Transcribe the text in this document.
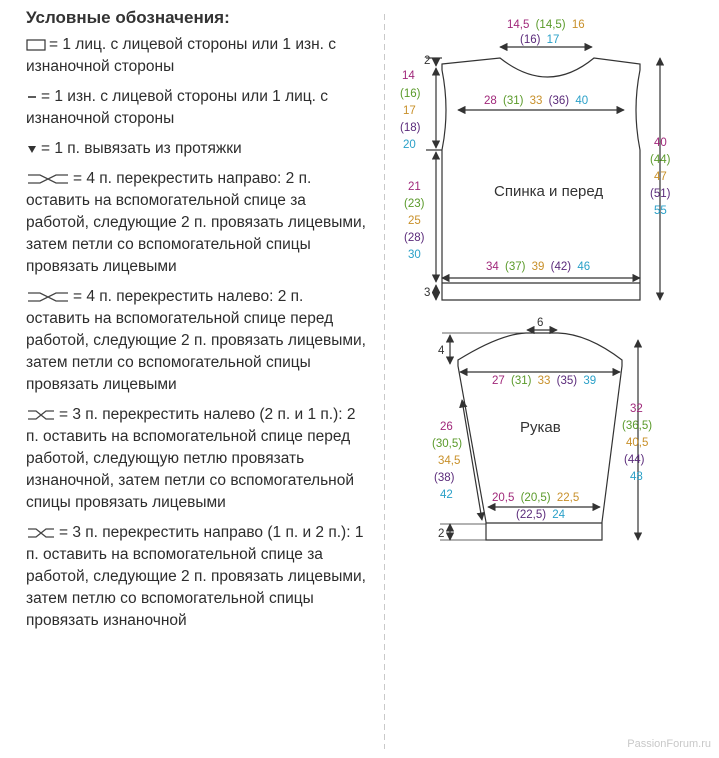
Условные обозначения:
= 1 лиц. с лицевой стороны или 1 изн. с изнаночной стороны
= 1 изн. с лицевой стороны или 1 лиц. с изнаночной стороны
= 1 п. вывязать из протяжки
= 4 п. перекрестить направо: 2 п. оставить на вспомогательной спице за работой, следующие 2 п. провязать лицевыми, затем петли со вспомогательной спицы провязать лицевыми
= 4 п. перекрестить налево: 2 п. оставить на вспомогательной спице перед работой, следующие 2 п. провязать лицевыми, затем петли со вспомогательной спицы провязать лицевыми
= 3 п. перекрестить налево (2 п. и 1 п.): 2 п. оставить на вспомогательной спице перед работой, следующую петлю провязать изнаночной, затем петли со вспомогательной спицы провязать лицевыми
= 3 п. перекрестить направо (1 п. и 2 п.): 1 п. оставить на вспомогательной спице за работой, следующие 2 п. провязать лицевыми, затем петлю со вспомогательной спицы провязать изнаночной
Спинка и перед
14,5 (14,5) 16
(16) 17
2
14
(16)
17
(18)
20
28 (31) 33 (36) 40
21
(23)
25
(28)
30
40
(44)
47
(51)
55
34 (37) 39 (42) 46
3
Рукав
6
4
27 (31) 33 (35) 39
26
(30,5)
34,5
(38)
42
32
(36,5)
40,5
(44)
48
20,5 (20,5) 22,5
(22,5) 24
2
PassionForum.ru
